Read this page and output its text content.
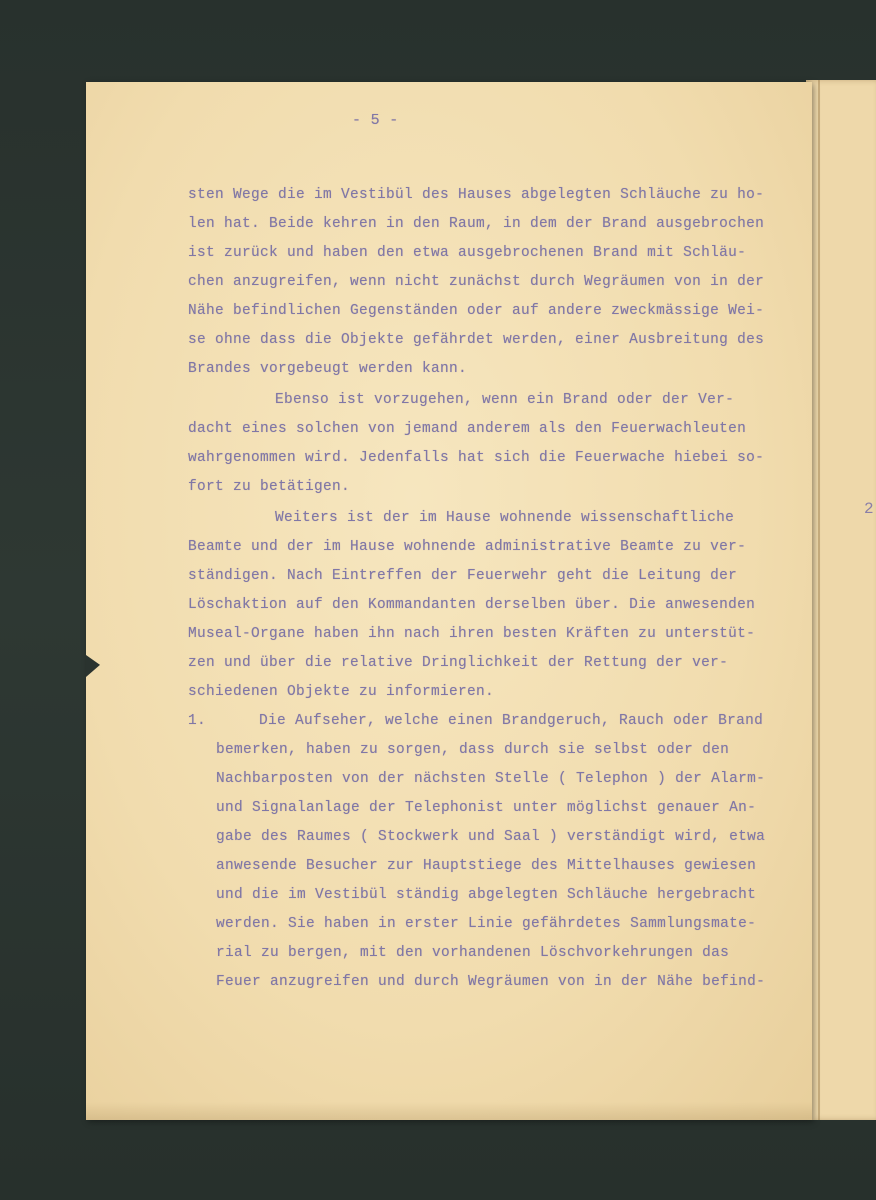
2
- 5 -
sten Wege die im Vestibül des Hauses abgelegten Schläuche zu ho-
len hat. Beide kehren in den Raum, in dem der Brand ausgebrochen
ist zurück und haben den etwa ausgebrochenen Brand mit Schläu-
chen anzugreifen, wenn nicht zunächst durch Wegräumen von in der
Nähe befindlichen Gegenständen oder auf andere zweckmässige Wei-
se ohne dass die Objekte gefährdet werden, einer Ausbreitung des
Brandes vorgebeugt werden kann.
Ebenso ist vorzugehen, wenn ein Brand oder der Ver-
dacht eines solchen von jemand anderem als den Feuerwachleuten
wahrgenommen wird. Jedenfalls hat sich die Feuerwache hiebei so-
fort zu betätigen.
Weiters ist der im Hause wohnende wissenschaftliche
Beamte und der im Hause wohnende administrative Beamte zu ver-
ständigen. Nach Eintreffen der Feuerwehr geht die Leitung der
Löschaktion auf den Kommandanten derselben über. Die anwesenden
Museal-Organe haben ihn nach ihren besten Kräften zu unterstüt-
zen und über die relative Dringlichkeit der Rettung der ver-
schiedenen Objekte zu informieren.
1.	Die Aufseher, welche einen Brandgeruch, Rauch oder Brand
bemerken, haben zu sorgen, dass durch sie selbst oder den
Nachbarposten von der nächsten Stelle ( Telephon ) der Alarm-
und Signalanlage der Telephonist unter möglichst genauer An-
gabe des Raumes ( Stockwerk und Saal ) verständigt wird, etwa
anwesende Besucher zur Hauptstiege des Mittelhauses gewiesen
und die im Vestibül ständig abgelegten Schläuche hergebracht
werden. Sie haben in erster Linie gefährdetes Sammlungsmate-
rial zu bergen, mit den vorhandenen Löschvorkehrungen das
Feuer anzugreifen und durch Wegräumen von in der Nähe befind-
